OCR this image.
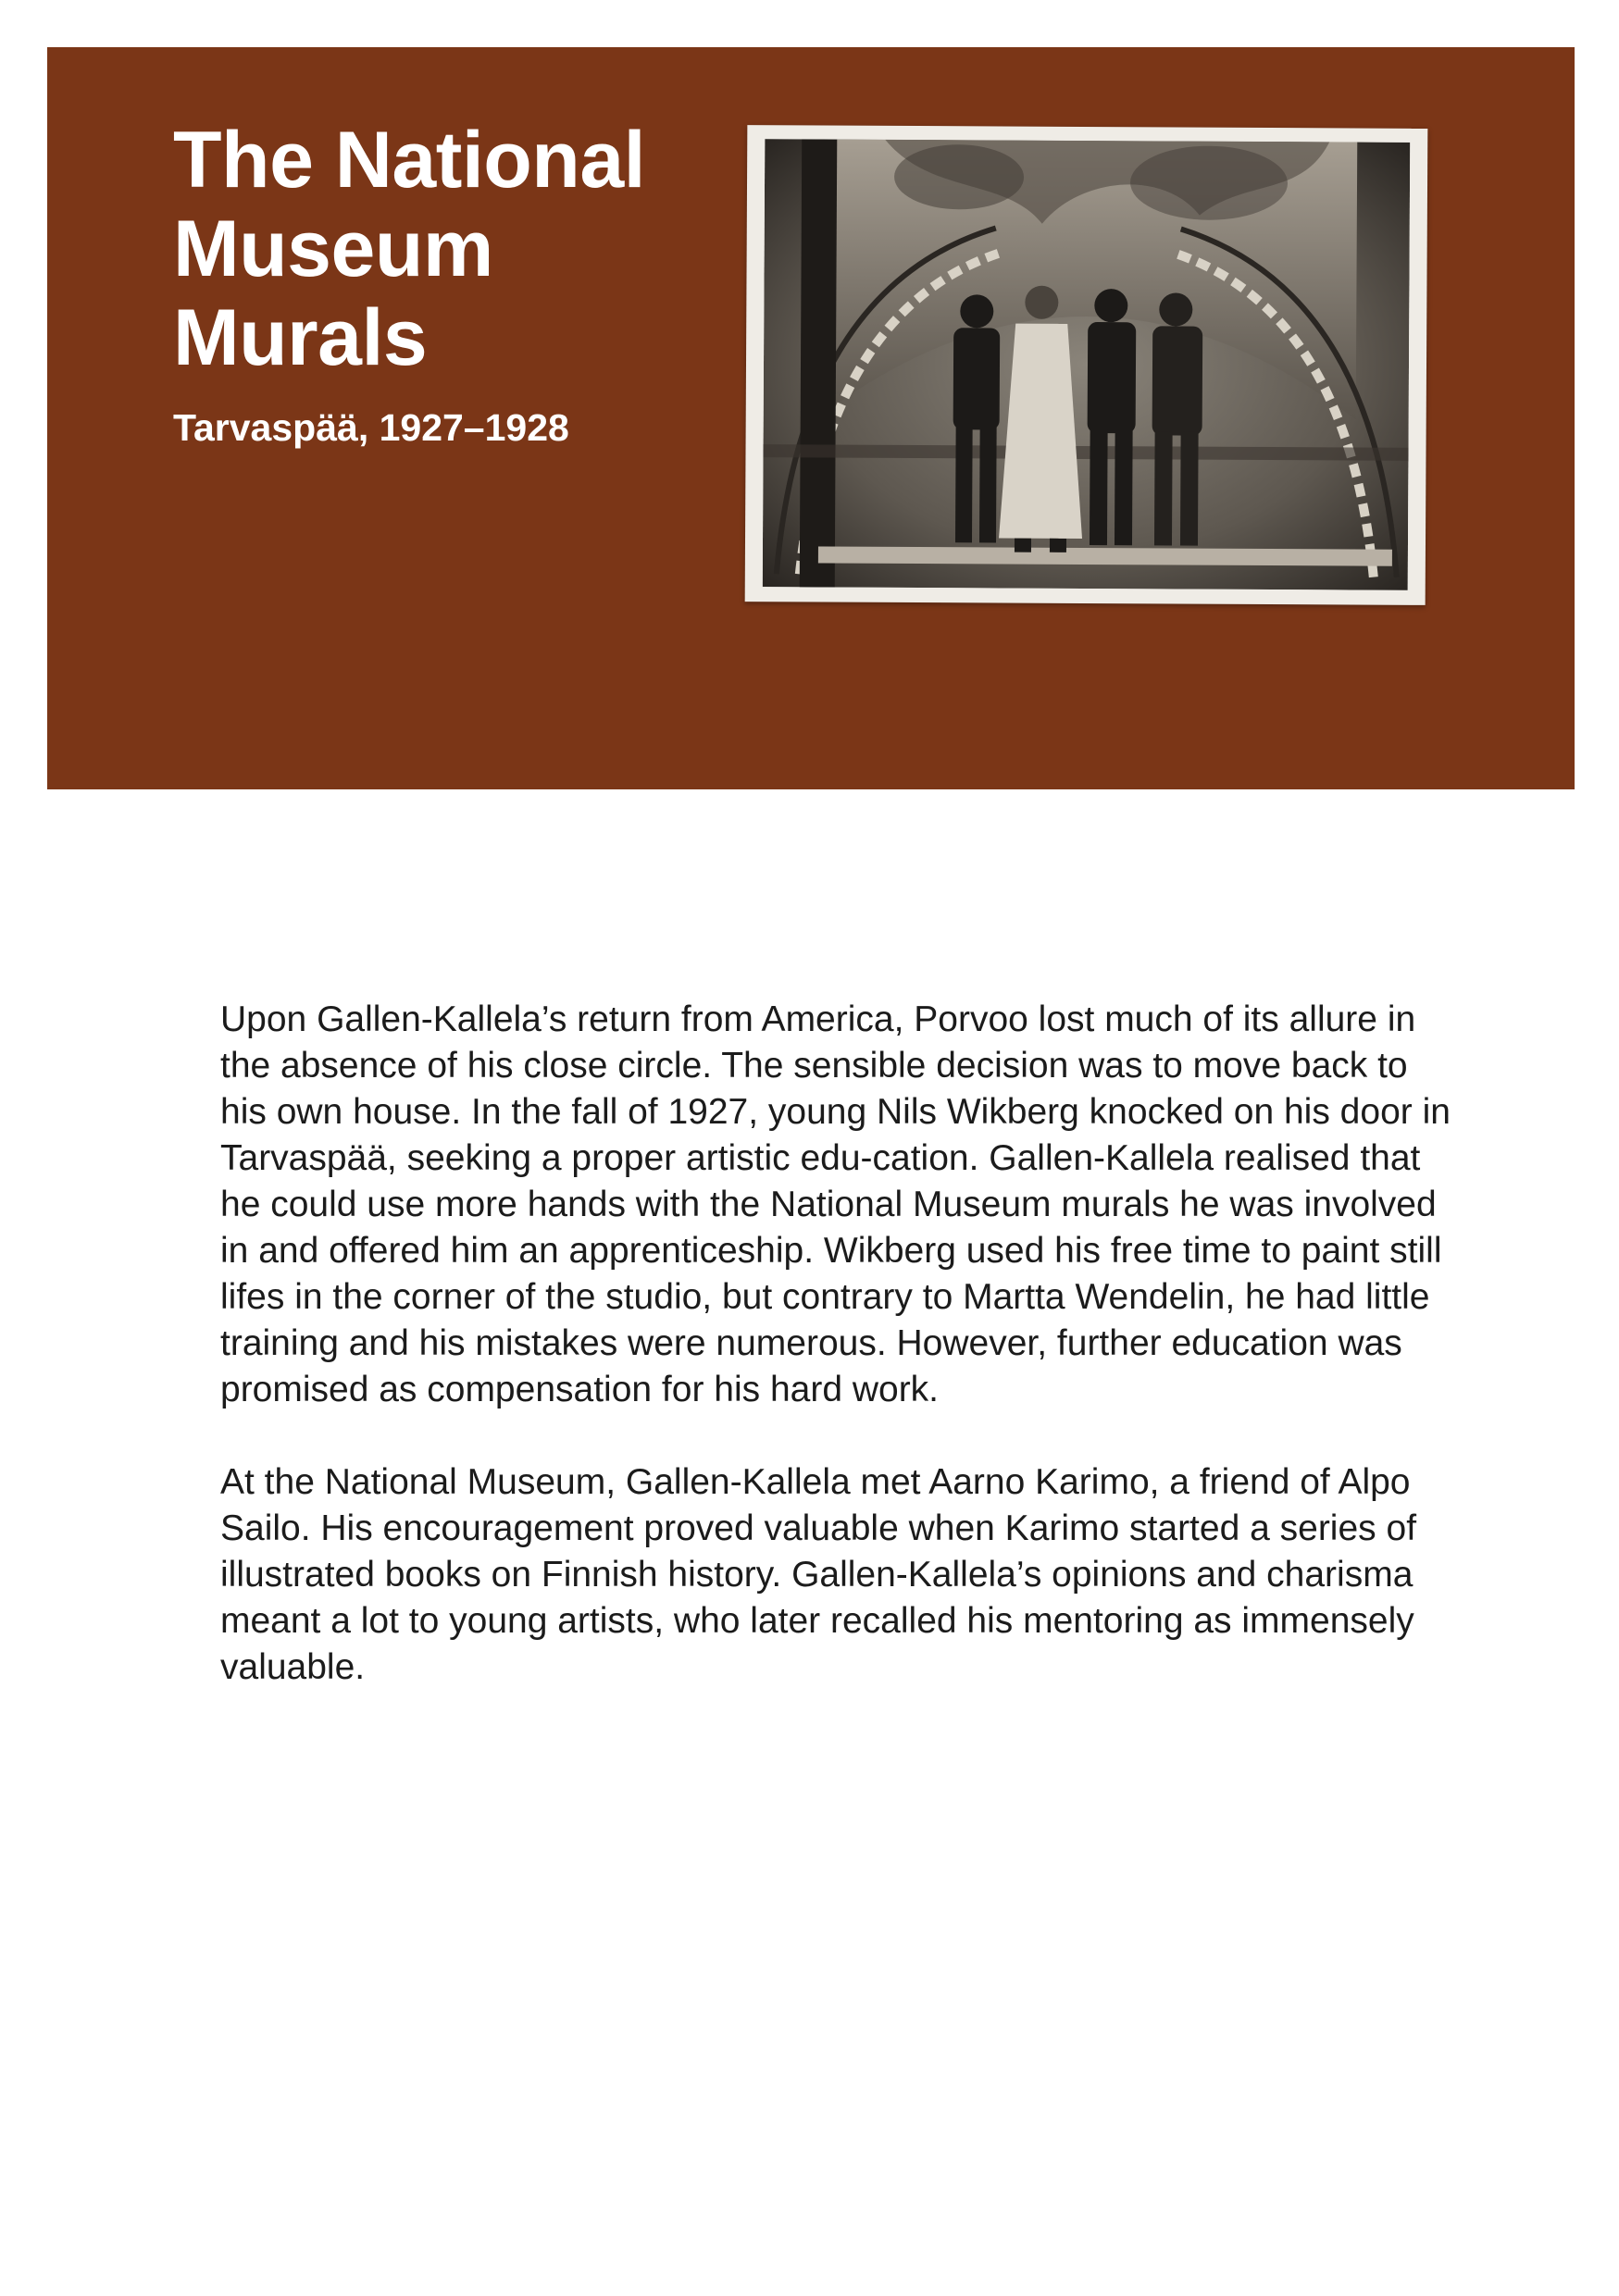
The National Museum Murals
Tarvaspää, 1927–1928

Upon Gallen-Kallela’s return from America, Porvoo lost much of its allure in the absence of his close circle. The sensible decision was to move back to his own house. In the fall of 1927, young Nils Wikberg knocked on his door in Tarvaspää, seeking a proper artistic edu-cation. Gallen-Kallela realised that he could use more hands with the National Museum murals he was involved in and offered him an apprenticeship. Wikberg used his free time to paint still lifes in the corner of the studio, but contrary to Martta Wendelin, he had little training and his mistakes were numerous. However, further education was promised as compensation for his hard work.

At the National Museum, Gallen-Kallela met Aarno Karimo, a friend of Alpo Sailo. His encouragement proved valuable when Karimo started a series of illustrated books on Finnish history. Gallen-Kallela’s opinions and charisma meant a lot to young artists, who later recalled his mentoring as immensely valuable.
